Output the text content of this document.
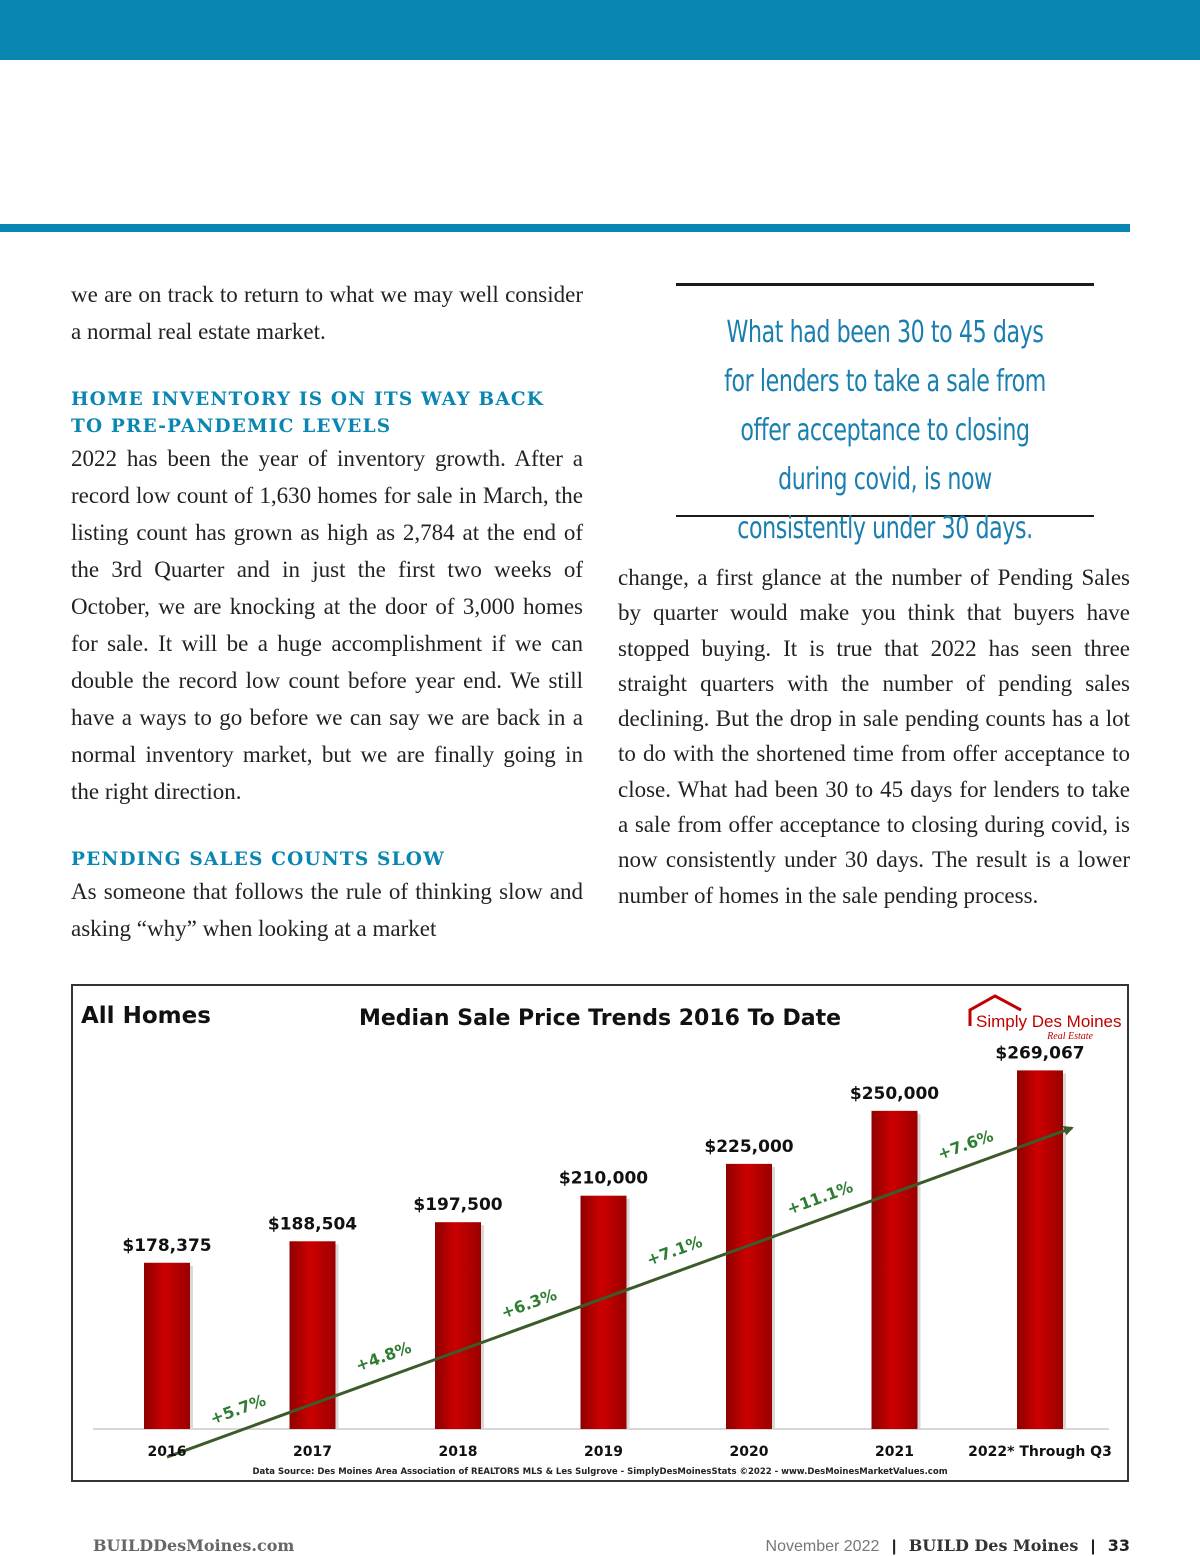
we are on track to return to what we may well consider a normal real estate market.

HOME INVENTORY IS ON ITS WAY BACK TO PRE-PANDEMIC LEVELS

2022 has been the year of inventory growth. After a record low count of 1,630 homes for sale in March, the listing count has grown as high as 2,784 at the end of the 3rd Quarter and in just the first two weeks of October, we are knocking at the door of 3,000 homes for sale. It will be a huge accomplishment if we can double the record low count before year end. We still have a ways to go before we can say we are back in a normal inventory market, but we are finally going in the right direction.

PENDING SALES COUNTS SLOW

As someone that follows the rule of thinking slow and asking “why” when looking at a market

What had been 30 to 45 days for lenders to take a sale from offer acceptance to closing during covid, is now consistently under 30 days.

change, a first glance at the number of Pending Sales by quarter would make you think that buyers have stopped buying. It is true that 2022 has seen three straight quarters with the number of pending sales declining. But the drop in sale pending counts has a lot to do with the shortened time from offer acceptance to close. What had been 30 to 45 days for lenders to take a sale from offer acceptance to closing during covid, is now consistently under 30 days. The result is a lower number of homes in the sale pending process.

All Homes	Median Sale Price Trends 2016 To Date	Simply Des Moines
Real Estate
$178,375
2016
$188,504
2017
$197,500
2018
$210,000
2019
$225,000
2020
$250,000
2021
$269,067
2022* Through Q3
+5.7%
+4.8%
+6.3%
+7.1%
+11.1%
+7.6%
Data Source: Des Moines Area Association of REALTORS MLS & Les Sulgrove - SimplyDesMoinesStats ©2022 - www.DesMoinesMarketValues.com
BUILDDesMoines.com	November 2022 | BUILD Des Moines | 33
